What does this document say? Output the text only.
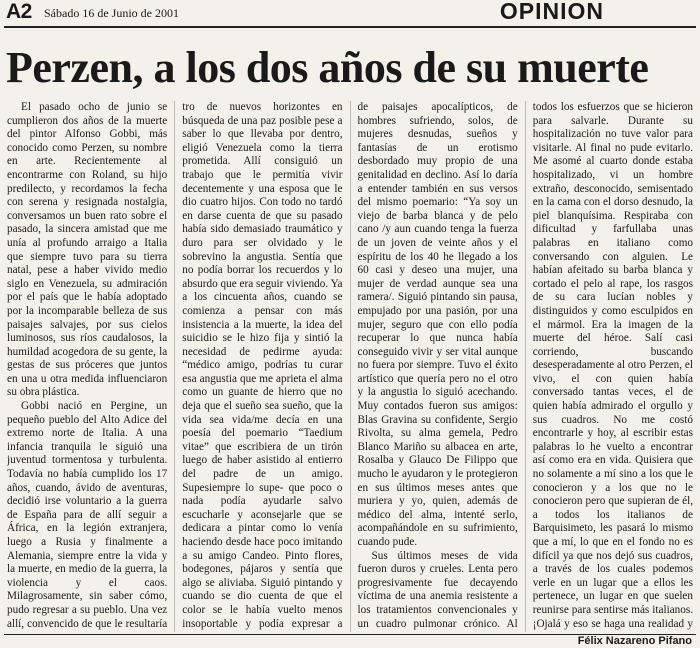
A2 Sábado 16 de Junio de 2001	OPINION
Perzen, a los dos años de su muerte

El pasado ocho de junio se cumplieron dos años de la muerte del pintor Alfonso Gobbi, más conocido como Perzen, su nombre en arte. Recientemente al encontrarme con Roland, su hijo predilecto, y recordamos la fecha con serena y resignada nostalgia, conversamos un buen rato sobre el pasado, la sincera amistad que me unía al profundo arraigo a Italia que siempre tuvo para su tierra natal, pese a haber vivido medio siglo en Venezuela, su admiración por el país que le había adoptado por la incomparable belleza de sus paisajes salvajes, por sus cielos luminosos, sus ríos caudalosos, la humildad acogedora de su gente, la gestas de sus próceres que juntos en una u otra medida influenciaron su obra plástica.

Gobbi nació en Pergine, un pequeño pueblo del Alto Adice del extremo norte de Italia. A una infancia tranquila le siguió una juventud tormentosa y turbulenta. Todavía no había cumplido los 17 años, cuando, ávido de aventuras, decidió irse voluntario a la guerra de España para de allí seguir a África, en la legión extranjera, luego a Rusia y finalmente a Alemania, siempre entre la vida y la muerte, en medio de la guerra, la violencia y el caos. Milagrosamente, sin saber cómo, pudo regresar a su pueblo. Una vez allí, convencido de que le resultaría

tro de nuevos horizontes en búsqueda de una paz posible pese a saber lo que llevaba por dentro, eligió Venezuela como la tierra prometida. Allí consiguió un trabajo que le permitía vivir decentemente y una esposa que le dio cuatro hijos. Con todo no tardó en darse cuenta de que su pasado había sido demasiado traumático y duro para ser olvidado y le sobrevino la angustia. Sentía que no podía borrar los recuerdos y lo absurdo que era seguir viviendo. Ya a los cincuenta años, cuando se comienza a pensar con más insistencia a la muerte, la idea del suicidio se le hizo fija y sintió la necesidad de pedirme ayuda: “médico amigo, podrías tu curar esa angustia que me aprieta el alma como un guante de hierro que no deja que el sueño sea sueño, que la vida sea vida/me decía en una poesía del poemario “Taedium vitae” que escribiera de un tirón luego de haber asistido al entierro del padre de un amigo. Supesiempre lo supe- que poco o nada podía ayudarle salvo escucharle y aconsejarle que se dedicara a pintar como lo venía haciendo desde hace poco imitando a su amigo Candeo. Pinto flores, bodegones, pájaros y sentía que algo se aliviaba. Siguió pintando y cuando se dio cuenta de que el color se le había vuelto menos insoportable y podía expresar a

de paisajes apocalípticos, de hombres sufriendo, solos, de mujeres desnudas, sueños y fantasías de un erotismo desbordado muy propio de una genitalidad en declino. Así lo daría a entender también en sus versos del mismo poemario: “Ya soy un viejo de barba blanca y de pelo cano /y aun cuando tenga la fuerza de un joven de veinte años y el espíritu de los 40 he llegado a los 60 casi y deseo una mujer, una mujer de verdad aunque sea una ramera/. Siguió pintando sin pausa, empujado por una pasión, por una mujer, seguro que con ello podía recuperar lo que nunca había conseguido vivir y ser vital aunque no fuera por siempre. Tuvo el éxito artístico que quería pero no el otro y la angustia lo siguió acechando. Muy contados fueron sus amigos: Blas Gravina su confidente, Sergio Rivolta, su alma gemela, Pedro Blanco Mariño su albacea en arte, Rosalba y Glauco De Filippo que mucho le ayudaron y le protegieron en sus últimos meses antes que muriera y yo, quien, además de médico del alma, intenté serlo, acompañándole en su sufrimiento, cuando pude.

Sus últimos meses de vida fueron duros y crueles. Lenta pero progresivamente fue decayendo víctima de una anemia resistente a los tratamientos convencionales y un cuadro pulmonar crónico. Al

todos los esfuerzos que se hicieron para salvarle. Durante su hospitalización no tuve valor para visitarle. Al final no pude evitarlo. Me asomé al cuarto donde estaba hospitalizado, vi un hombre extraño, desconocido, semisentado en la cama con el dorso desnudo, la piel blanquísima. Respiraba con dificultad y farfullaba unas palabras en italiano como conversando con alguien. Le habían afeitado su barba blanca y cortado el pelo al rape, los rasgos de su cara lucían nobles y distinguidos y como esculpidos en el mármol. Era la imagen de la muerte del héroe. Salí casi corriendo, buscando desesperadamente al otro Perzen, el vivo, el con quien había conversado tantas veces, el de quien había admirado el orgullo y sus cuadros. No me costó encontrarle y hoy, al escribir estas palabras lo he vuelto a encontrar así como era en vida. Quisiera que no solamente a mí sino a los que le conocieron y a los que no le conocieron pero que supieran de él, a todos los italianos de Barquisimeto, les pasará lo mismo que a mí, lo que en el fondo no es difícil ya que nos dejó sus cuadros, a través de los cuales podemos verle en un lugar que a ellos les pertenece, un lugar en que suelen reunirse para sentirse más italianos.¡Ojalá y eso se haga una realidad y

Félix Nazareno Pifano
